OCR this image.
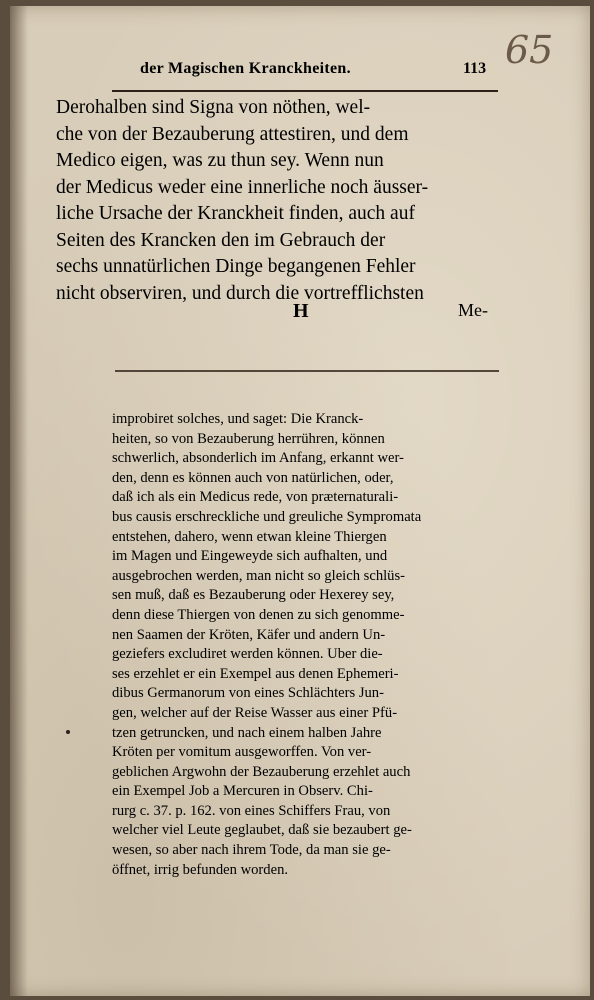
der Magischen Kranckheiten.	113 65
Derohalben sind Signa von nöthen, wel-
che von der Bezauberung attestiren, und dem
Medico eigen, was zu thun sey. Wenn nun
der Medicus weder eine innerliche noch äusser-
liche Ursache der Kranckheit finden, auch auf
Seiten des Krancken den im Gebrauch der
sechs unnatürlichen Dinge begangenen Fehler
nicht observiren, und durch die vortrefflichsten
H	Me-
improbiret solches, und saget: Die Kranck-
heiten, so von Bezauberung herrühren, können
schwerlich, absonderlich im Anfang, erkannt wer-
den, denn es können auch von natürlichen, oder,
daß ich als ein Medicus rede, von præternaturali-
bus causis erschreckliche und greuliche Sympromata
entstehen, dahero, wenn etwan kleine Thiergen
im Magen und Eingeweyde sich aufhalten, und
ausgebrochen werden, man nicht so gleich schlüs-
sen muß, daß es Bezauberung oder Hexerey sey,
denn diese Thiergen von denen zu sich genomme-
nen Saamen der Kröten, Käfer und andern Un-
geziefers excludiret werden können. Uber die-
ses erzehlet er ein Exempel aus denen Ephemeri-
dibus Germanorum von eines Schlächters Jun-
gen, welcher auf der Reise Wasser aus einer Pfü-
tzen getruncken, und nach einem halben Jahre
Kröten per vomitum ausgeworffen. Von ver-
geblichen Argwohn der Bezauberung erzehlet auch
ein Exempel Job a Mercuren in Observ. Chi-
rurg c. 37. p. 162. von eines Schiffers Frau, von
welcher viel Leute geglaubet, daß sie bezaubert ge-
wesen, so aber nach ihrem Tode, da man sie ge-
öffnet, irrig befunden worden.
